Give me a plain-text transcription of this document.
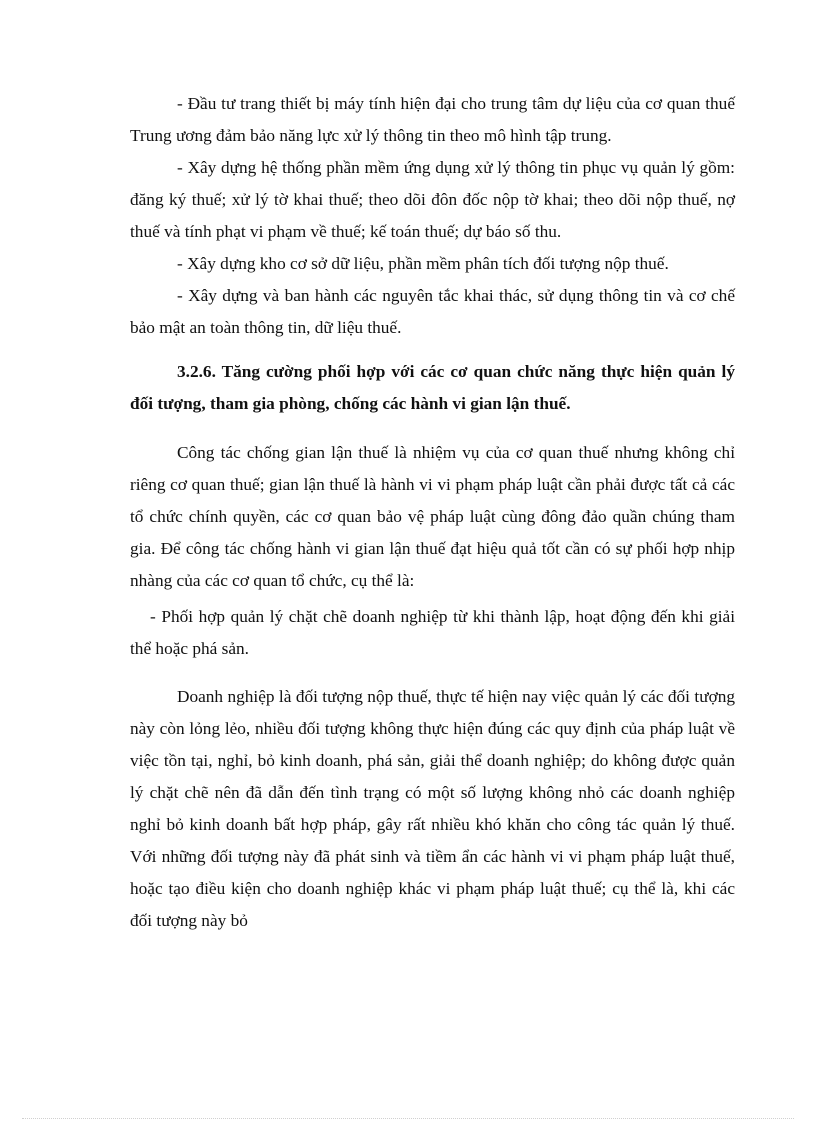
- Đầu tư trang thiết bị máy tính hiện đại cho trung tâm dự liệu của cơ quan thuế Trung ương đảm bảo năng lực xử lý thông tin theo mô hình tập trung.

- Xây dựng hệ thống phần mềm ứng dụng xử lý thông tin phục vụ quản lý gồm: đăng ký thuế; xử lý tờ khai thuế; theo dõi đôn đốc nộp tờ khai; theo dõi nộp thuế, nợ thuế và tính phạt vi phạm về thuế; kế toán thuế; dự báo số thu.

- Xây dựng kho cơ sở dữ liệu, phần mềm phân tích đối tượng nộp thuế.

- Xây dựng và ban hành các nguyên tắc khai thác, sử dụng thông tin và cơ chế bảo mật an toàn thông tin, dữ liệu thuế.

3.2.6. Tăng cường phối hợp với các cơ quan chức năng thực hiện quản lý đối tượng, tham gia phòng, chống các hành vi gian lận thuế.

Công tác chống gian lận thuế là nhiệm vụ của cơ quan thuế nhưng không chỉ riêng cơ quan thuế; gian lận thuế là hành vi vi phạm pháp luật cần phải được tất cả các tổ chức chính quyền, các cơ quan bảo vệ pháp luật cùng đông đảo quần chúng tham gia. Để công tác chống hành vi gian lận thuế đạt hiệu quả tốt cần có sự phối hợp nhịp nhàng của các cơ quan tổ chức, cụ thể là:

- Phối hợp quản lý chặt chẽ doanh nghiệp từ khi thành lập, hoạt động đến khi giải thể hoặc phá sản.

Doanh nghiệp là đối tượng nộp thuế, thực tế hiện nay việc quản lý các đối tượng này còn lỏng lẻo, nhiều đối tượng không thực hiện đúng các quy định của pháp luật về việc tồn tại, nghỉ, bỏ kinh doanh, phá sản, giải thể doanh nghiệp; do không được quản lý chặt chẽ nên đã dẫn đến tình trạng có một số lượng không nhỏ các doanh nghiệp nghỉ bỏ kinh doanh bất hợp pháp, gây rất nhiều khó khăn cho công tác quản lý thuế. Với những đối tượng này đã phát sinh và tiềm ẩn các hành vi vi phạm pháp luật thuế, hoặc tạo điều kiện cho doanh nghiệp khác vi phạm pháp luật thuế; cụ thể là, khi các đối tượng này bỏ
